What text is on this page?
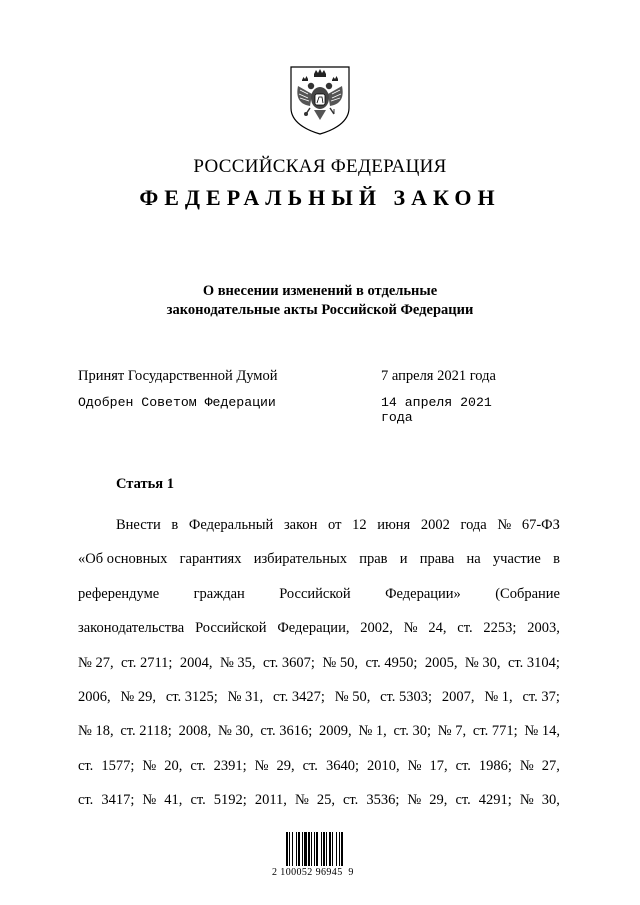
РОССИЙСКАЯ ФЕДЕРАЦИЯ
ФЕДЕРАЛЬНЫЙ ЗАКОН
О внесении изменений в отдельные
законодательные акты Российской Федерации
Принят Государственной Думой	7 апреля 2021 года
Одобрен Советом Федерации	14 апреля 2021 года
Статья 1
Внести в Федеральный закон от 12 июня 2002 года № 67-ФЗ
«Об основных гарантиях избирательных прав и права на участие в
референдуме граждан Российской Федерации» (Собрание
законодательства Российской Федерации, 2002, № 24, ст. 2253; 2003,
№ 27, ст. 2711; 2004, № 35, ст. 3607; № 50, ст. 4950; 2005, № 30, ст. 3104;
2006, № 29, ст. 3125; № 31, ст. 3427; № 50, ст. 5303; 2007, № 1, ст. 37;
№ 18, ст. 2118; 2008, № 30, ст. 3616; 2009, № 1, ст. 30; № 7, ст. 771; № 14,
ст. 1577; № 20, ст. 2391; № 29, ст. 3640; 2010, № 17, ст. 1986; № 27,
ст. 3417; № 41, ст. 5192; 2011, № 25, ст. 3536; № 29, ст. 4291; № 30,
2 100052 96945  9
